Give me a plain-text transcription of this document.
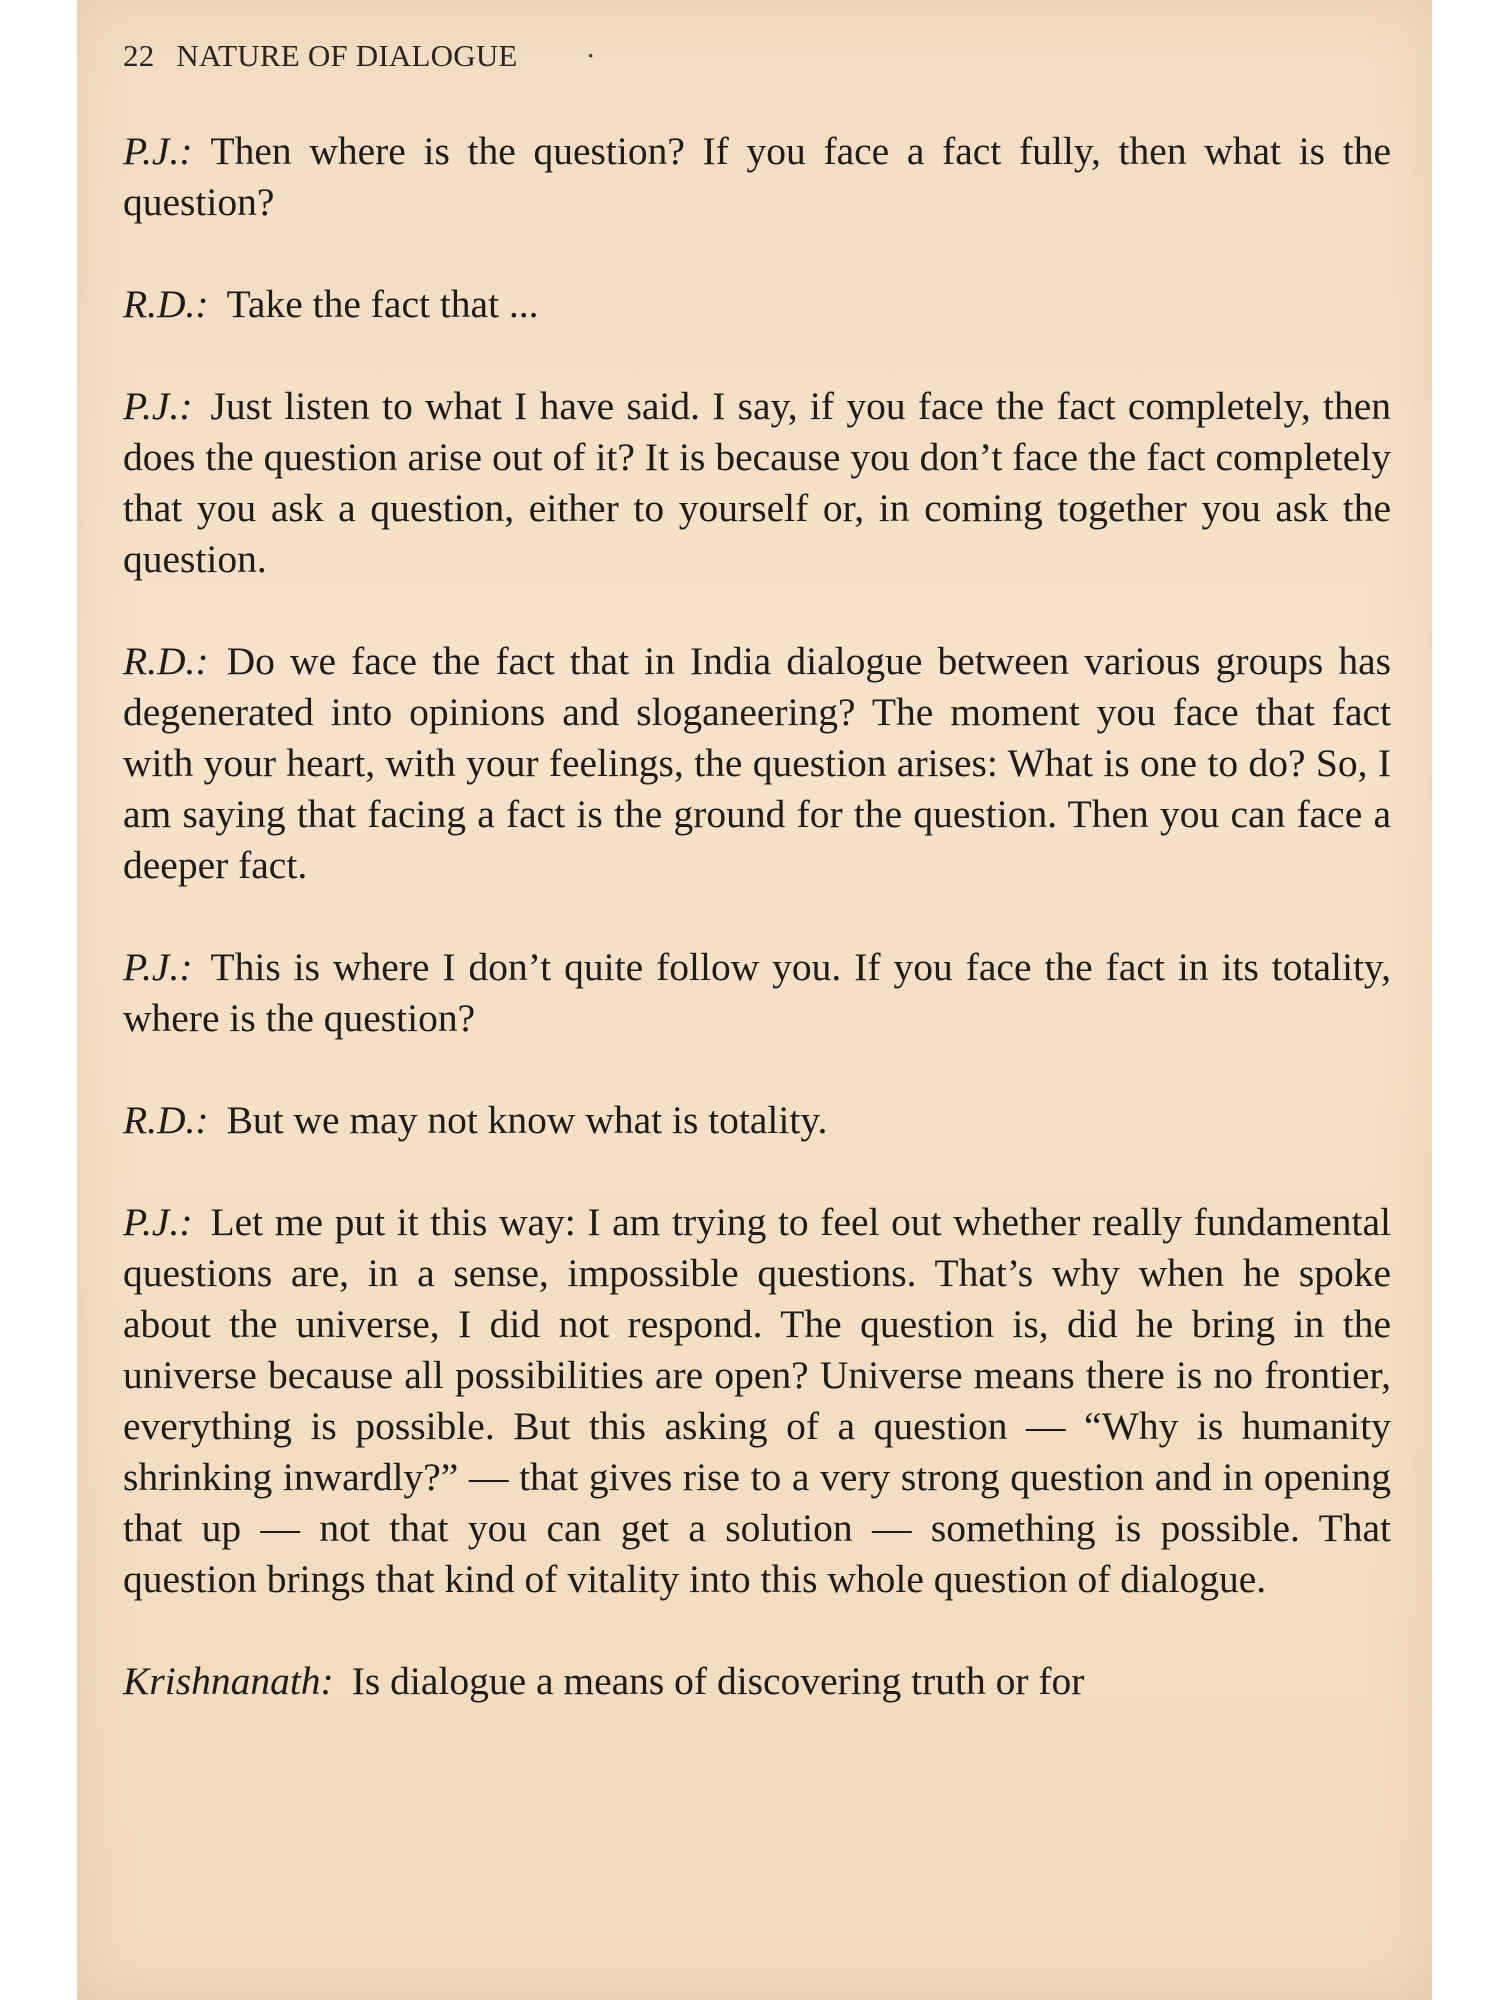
22 NATURE OF DIALOGUE ·

P.J.: Then where is the question? If you face a fact fully, then what is the question?

R.D.: Take the fact that ...

P.J.: Just listen to what I have said. I say, if you face the fact completely, then does the question arise out of it? It is because you don’t face the fact completely that you ask a question, either to yourself or, in coming together you ask the question.

R.D.: Do we face the fact that in India dialogue between various groups has degenerated into opinions and sloganeering? The moment you face that fact with your heart, with your feelings, the question arises: What is one to do? So, I am saying that facing a fact is the ground for the question. Then you can face a deeper fact.

P.J.: This is where I don’t quite follow you. If you face the fact in its totality, where is the question?

R.D.: But we may not know what is totality.

P.J.: Let me put it this way: I am trying to feel out whether really fundamental questions are, in a sense, impossible questions. That’s why when he spoke about the universe, I did not respond. The question is, did he bring in the universe because all possibilities are open? Universe means there is no frontier, everything is possible. But this asking of a question — “Why is humanity shrinking inwardly?” — that gives rise to a very strong question and in opening that up — not that you can get a solution — something is possible. That question brings that kind of vitality into this whole question of dialogue.

Krishnanath: Is dialogue a means of discovering truth or for
